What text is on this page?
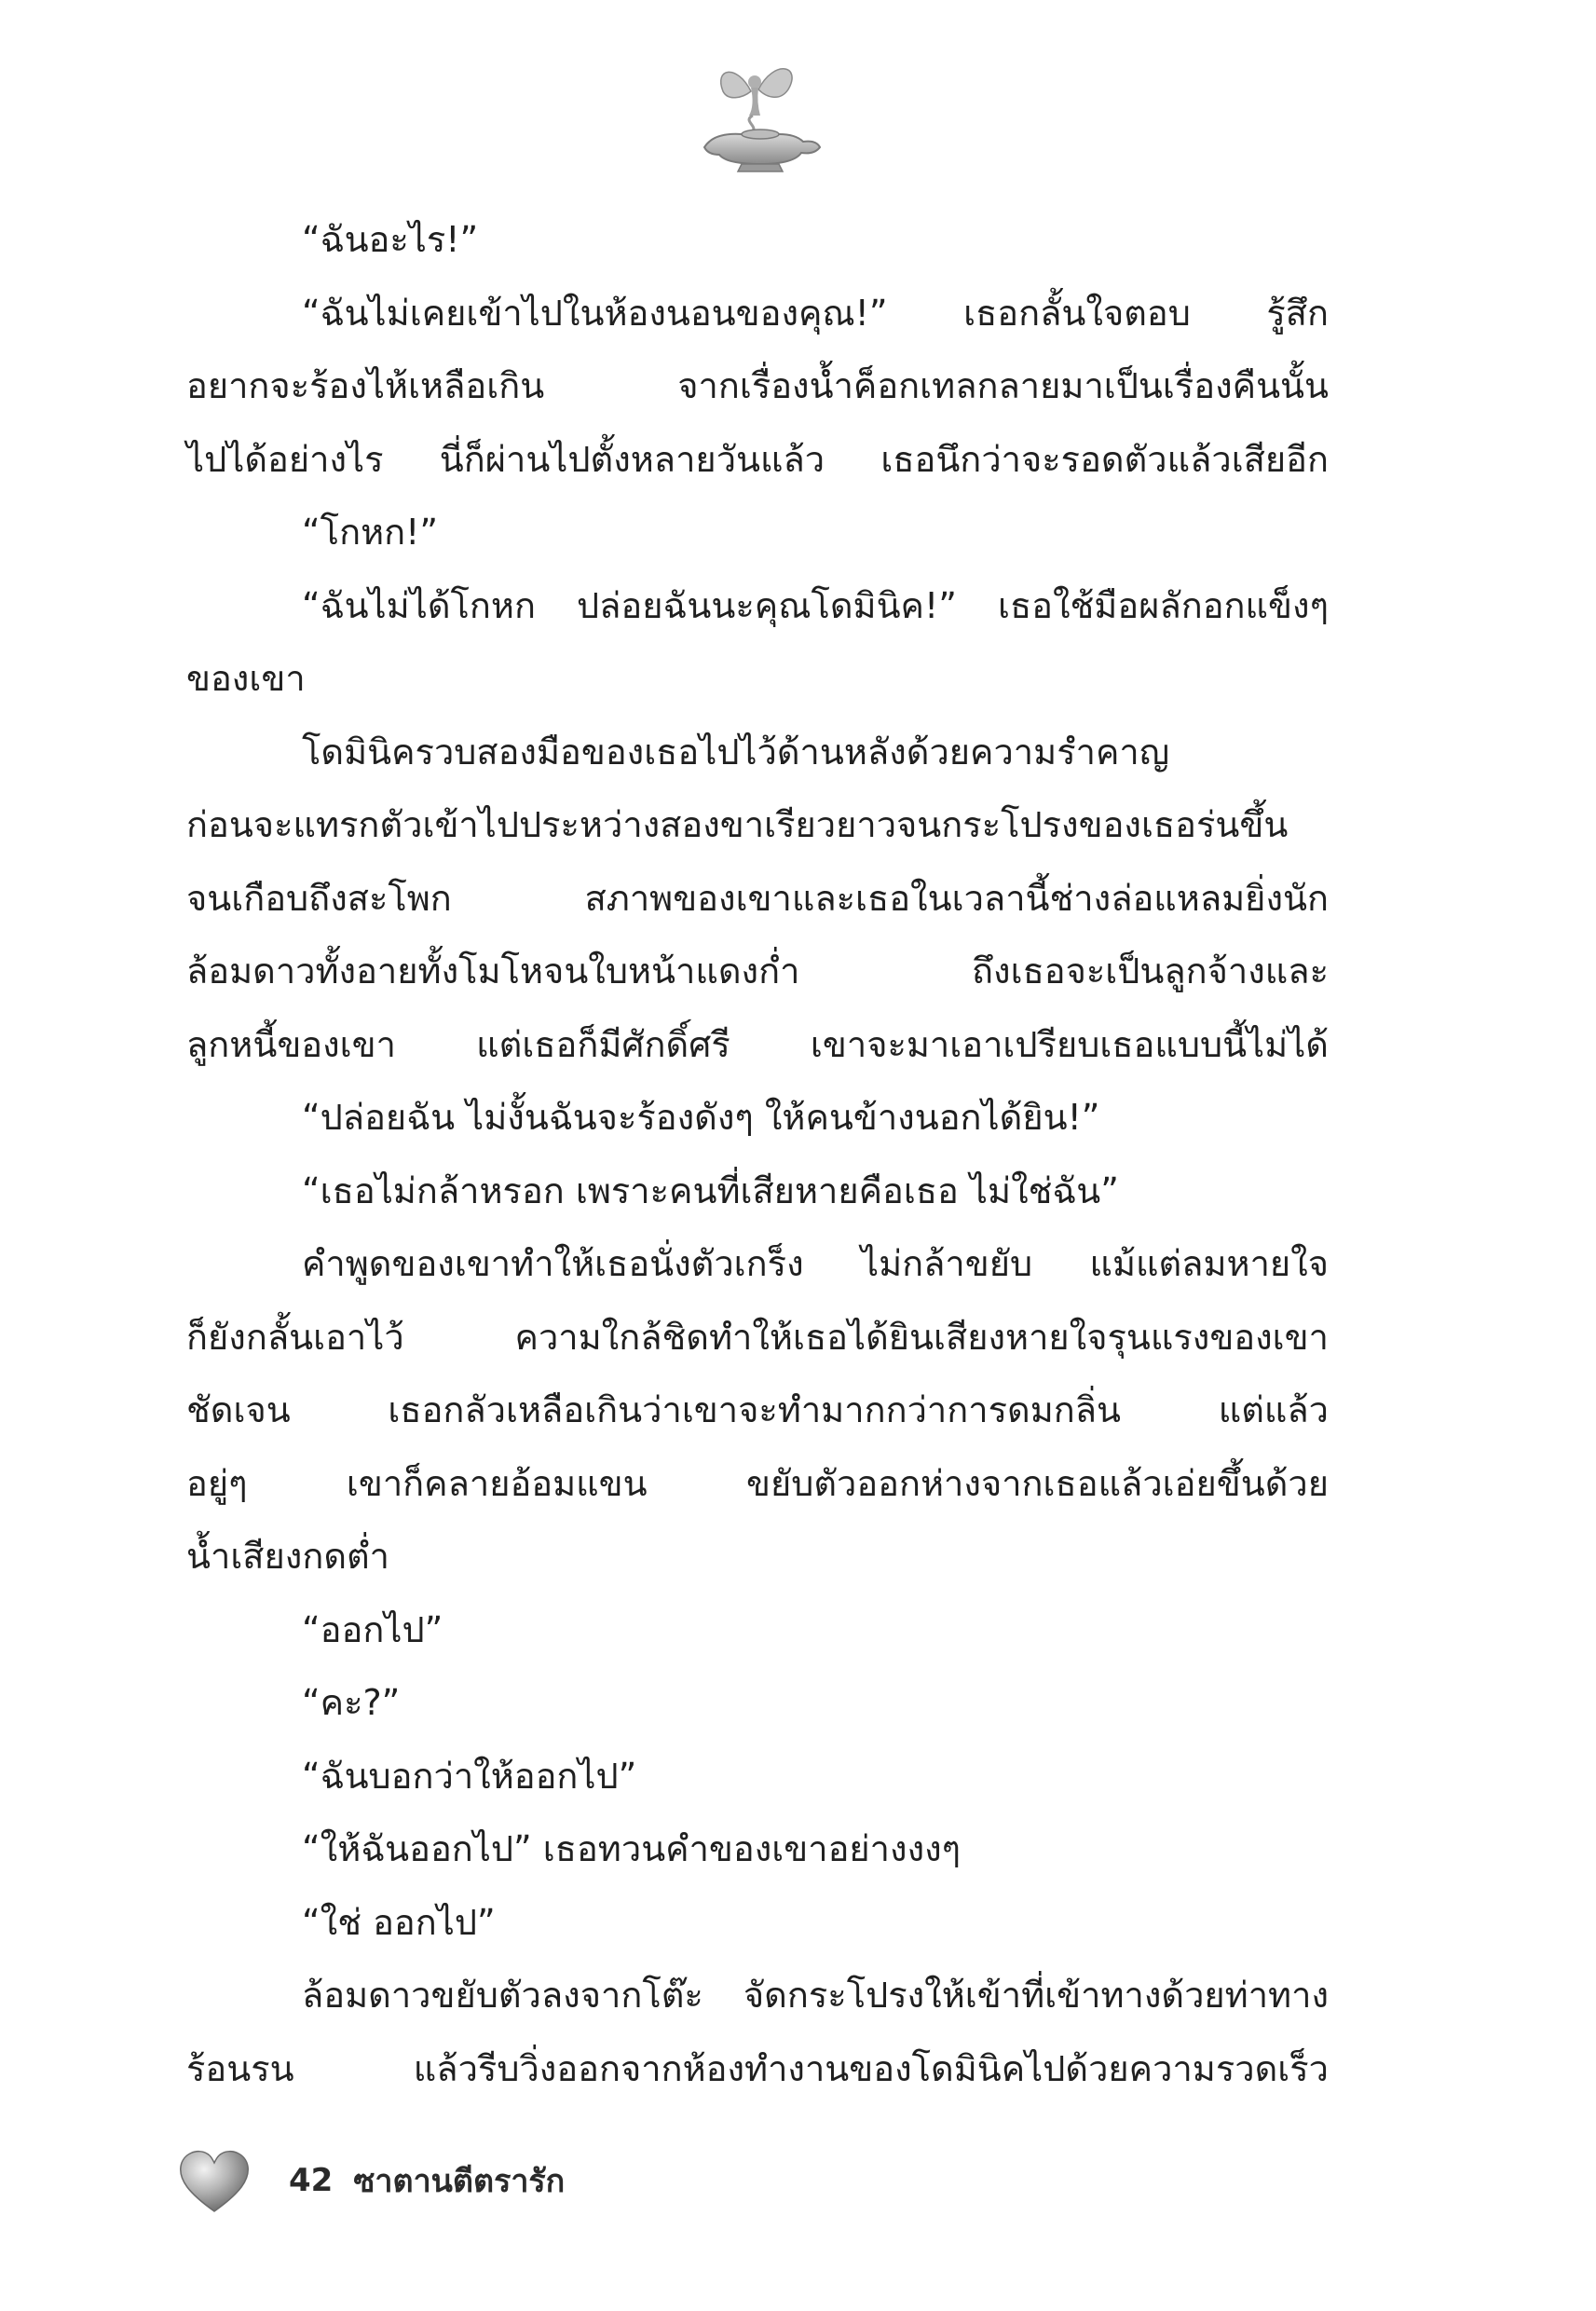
“ฉันอะไร!”
“ฉันไม่เคยเข้าไปในห้องนอนของคุณ!” เธอกลั้นใจตอบ รู้สึก
อยากจะร้องไห้เหลือเกิน จากเรื่องน้ำค็อกเทลกลายมาเป็นเรื่องคืนนั้น
ไปได้อย่างไร นี่ก็ผ่านไปตั้งหลายวันแล้ว เธอนึกว่าจะรอดตัวแล้วเสียอีก
“โกหก!”
“ฉันไม่ได้โกหก ปล่อยฉันนะคุณโดมินิค!” เธอใช้มือผลักอกแข็งๆ
ของเขา
โดมินิครวบสองมือของเธอไปไว้ด้านหลังด้วยความรำคาญ
ก่อนจะแทรกตัวเข้าไปประหว่างสองขาเรียวยาวจนกระโปรงของเธอร่นขึ้น
จนเกือบถึงสะโพก สภาพของเขาและเธอในเวลานี้ช่างล่อแหลมยิ่งนัก
ล้อมดาวทั้งอายทั้งโมโหจนใบหน้าแดงก่ำ ถึงเธอจะเป็นลูกจ้างและ
ลูกหนี้ของเขา แต่เธอก็มีศักดิ์ศรี เขาจะมาเอาเปรียบเธอแบบนี้ไม่ได้
“ปล่อยฉัน ไม่งั้นฉันจะร้องดังๆ ให้คนข้างนอกได้ยิน!”
“เธอไม่กล้าหรอก เพราะคนที่เสียหายคือเธอ ไม่ใช่ฉัน”
คำพูดของเขาทำให้เธอนั่งตัวเกร็ง ไม่กล้าขยับ แม้แต่ลมหายใจ
ก็ยังกลั้นเอาไว้ ความใกล้ชิดทำให้เธอได้ยินเสียงหายใจรุนแรงของเขา
ชัดเจน เธอกลัวเหลือเกินว่าเขาจะทำมากกว่าการดมกลิ่น แต่แล้ว
อยู่ๆ เขาก็คลายอ้อมแขน ขยับตัวออกห่างจากเธอแล้วเอ่ยขึ้นด้วย
น้ำเสียงกดต่ำ
“ออกไป”
“คะ?”
“ฉันบอกว่าให้ออกไป”
“ให้ฉันออกไป” เธอทวนคำของเขาอย่างงงๆ
“ใช่ ออกไป”
ล้อมดาวขยับตัวลงจากโต๊ะ จัดกระโปรงให้เข้าที่เข้าทางด้วยท่าทาง
ร้อนรน แล้วรีบวิ่งออกจากห้องทำงานของโดมินิคไปด้วยความรวดเร็ว
42 ซาตานตีตรารัก
